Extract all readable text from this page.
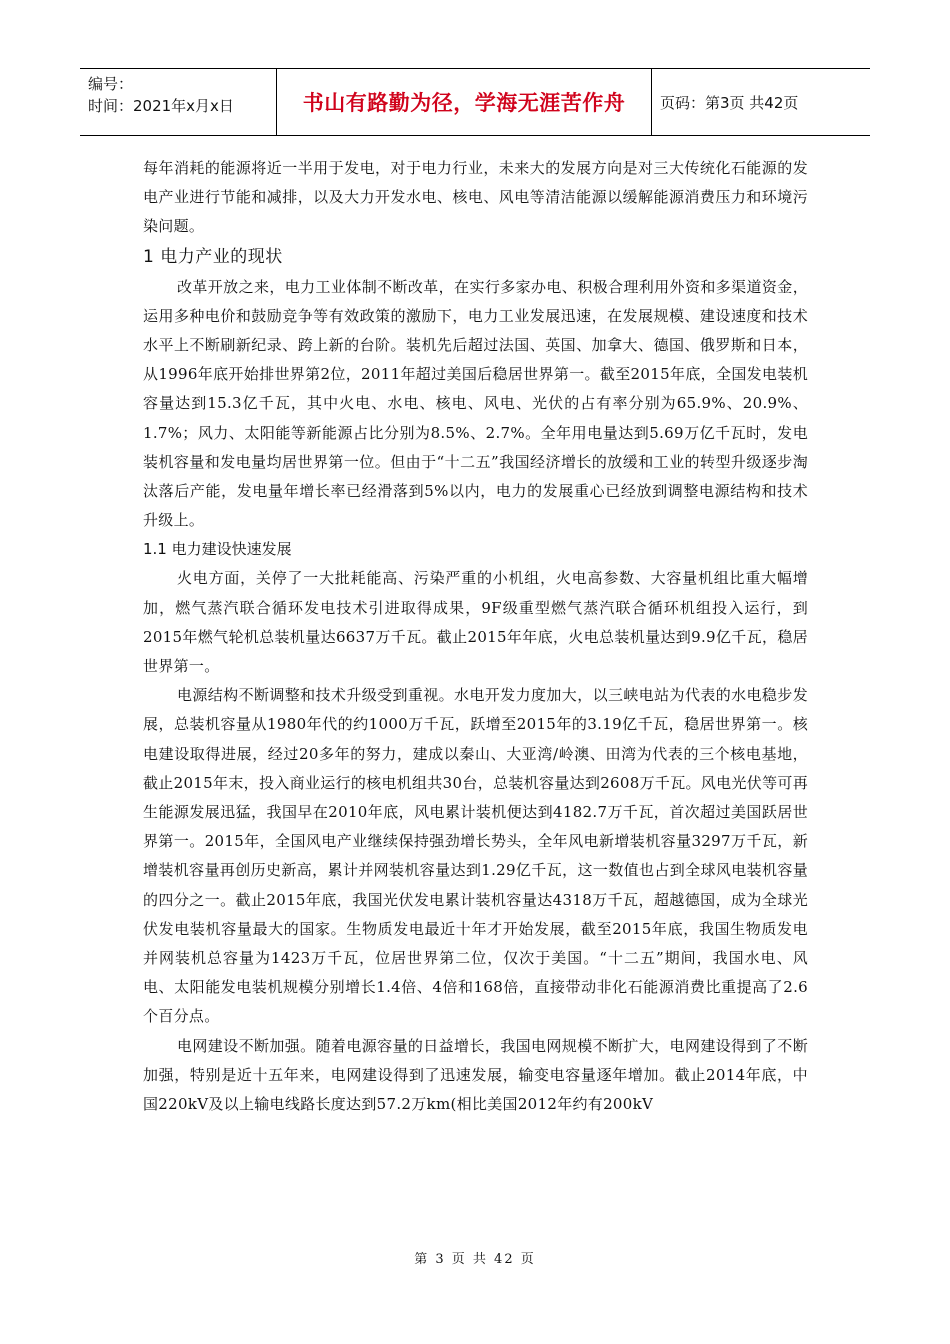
编号：
时间：2021年x月x日	书山有路勤为径，学海无涯苦作舟	页码：第3页 共42页

每年消耗的能源将近一半用于发电，对于电力行业，未来大的发展方向是对三大传统化石能源的发电产业进行节能和减排，以及大力开发水电、核电、风电等清洁能源以缓解能源消费压力和环境污染问题。

1 电力产业的现状

改革开放之来，电力工业体制不断改革，在实行多家办电、积极合理利用外资和多渠道资金，运用多种电价和鼓励竞争等有效政策的激励下，电力工业发展迅速，在发展规模、建设速度和技术水平上不断刷新纪录、跨上新的台阶。装机先后超过法国、英国、加拿大、德国、俄罗斯和日本，从1996年底开始排世界第2位，2011年超过美国后稳居世界第一。截至2015年底，全国发电装机容量达到15.3亿千瓦，其中火电、水电、核电、风电、光伏的占有率分别为65.9%、20.9%、1.7%；风力、太阳能等新能源占比分别为8.5%、2.7%。全年用电量达到5.69万亿千瓦时，发电装机容量和发电量均居世界第一位。但由于“十二五”我国经济增长的放缓和工业的转型升级逐步淘汰落后产能，发电量年增长率已经滑落到5%以内，电力的发展重心已经放到调整电源结构和技术升级上。

1.1 电力建设快速发展

火电方面，关停了一大批耗能高、污染严重的小机组，火电高参数、大容量机组比重大幅增加，燃气蒸汽联合循环发电技术引进取得成果，9F级重型燃气蒸汽联合循环机组投入运行，到2015年燃气轮机总装机量达6637万千瓦。截止2015年年底，火电总装机量达到9.9亿千瓦，稳居世界第一。

电源结构不断调整和技术升级受到重视。水电开发力度加大，以三峡电站为代表的水电稳步发展，总装机容量从1980年代的约1000万千瓦，跃增至2015年的3.19亿千瓦，稳居世界第一。核电建设取得进展，经过20多年的努力，建成以秦山、大亚湾/岭澳、田湾为代表的三个核电基地，截止2015年末，投入商业运行的核电机组共30台，总装机容量达到2608万千瓦。风电光伏等可再生能源发展迅猛，我国早在2010年底，风电累计装机便达到4182.7万千瓦，首次超过美国跃居世界第一。2015年，全国风电产业继续保持强劲增长势头，全年风电新增装机容量3297万千瓦，新增装机容量再创历史新高，累计并网装机容量达到1.29亿千瓦，这一数值也占到全球风电装机容量的四分之一。截止2015年底，我国光伏发电累计装机容量达4318万千瓦，超越德国，成为全球光伏发电装机容量最大的国家。生物质发电最近十年才开始发展，截至2015年底，我国生物质发电并网装机总容量为1423万千瓦，位居世界第二位，仅次于美国。“十二五”期间，我国水电、风电、太阳能发电装机规模分别增长1.4倍、4倍和168倍，直接带动非化石能源消费比重提高了2.6个百分点。

电网建设不断加强。随着电源容量的日益增长，我国电网规模不断扩大，电网建设得到了不断加强，特别是近十五年来，电网建设得到了迅速发展，输变电容量逐年增加。截止2014年底，中国220kV及以上输电线路长度达到57.2万km(相比美国2012年约有200kV

第 3 页 共 42 页
